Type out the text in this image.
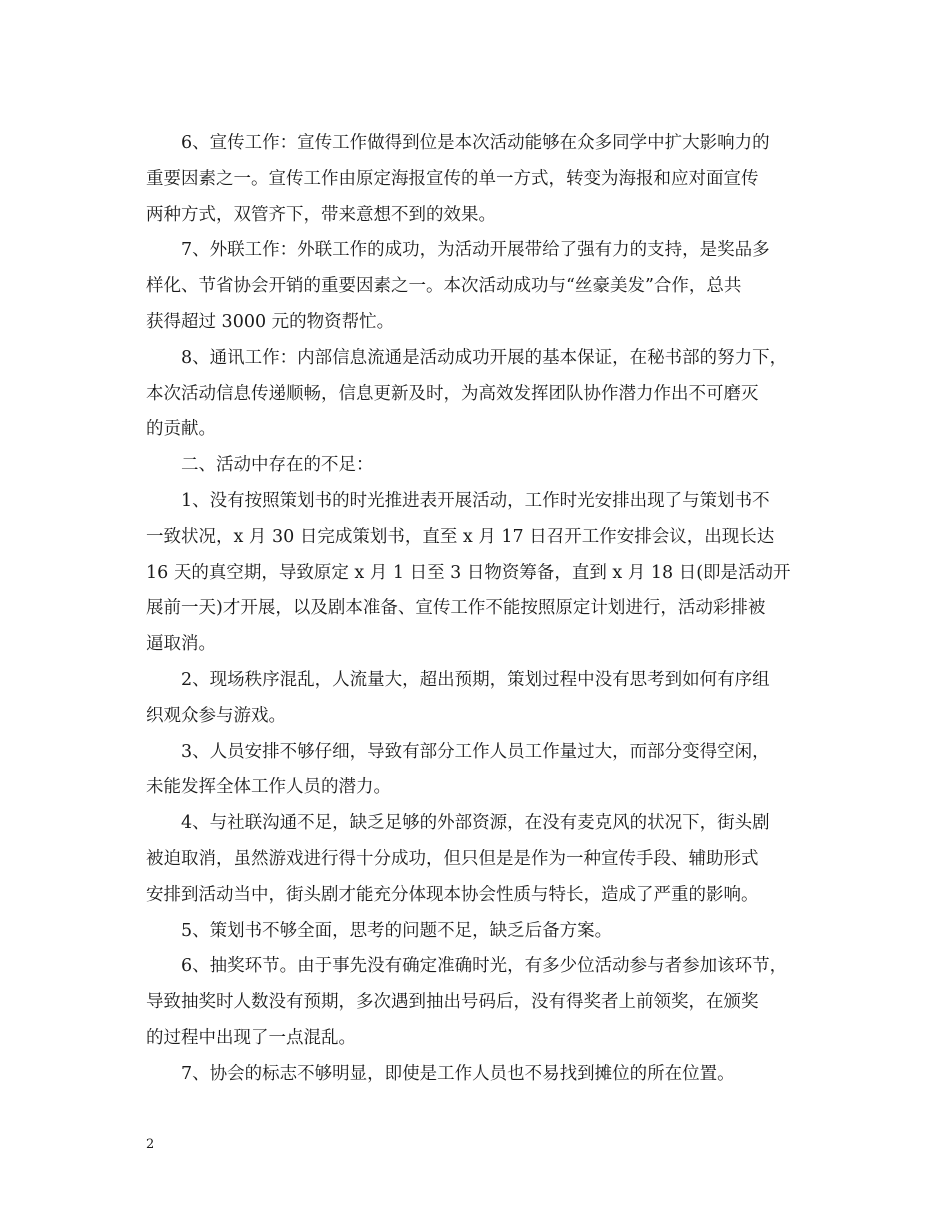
6、宣传工作：宣传工作做得到位是本次活动能够在众多同学中扩大影响力的
重要因素之一。宣传工作由原定海报宣传的单一方式，转变为海报和应对面宣传
两种方式，双管齐下，带来意想不到的效果。
7、外联工作：外联工作的成功，为活动开展带给了强有力的支持，是奖品多
样化、节省协会开销的重要因素之一。本次活动成功与“丝豪美发”合作，总共
获得超过 3000 元的物资帮忙。
8、通讯工作：内部信息流通是活动成功开展的基本保证，在秘书部的努力下，
本次活动信息传递顺畅，信息更新及时，为高效发挥团队协作潜力作出不可磨灭
的贡献。
二、活动中存在的不足：
1、没有按照策划书的时光推进表开展活动，工作时光安排出现了与策划书不
一致状况，x 月 30 日完成策划书，直至 x 月 17 日召开工作安排会议，出现长达
16 天的真空期，导致原定 x 月 1 日至 3 日物资筹备，直到 x 月 18 日(即是活动开
展前一天)才开展，以及剧本准备、宣传工作不能按照原定计划进行，活动彩排被
逼取消。
2、现场秩序混乱，人流量大，超出预期，策划过程中没有思考到如何有序组
织观众参与游戏。
3、人员安排不够仔细，导致有部分工作人员工作量过大，而部分变得空闲，
未能发挥全体工作人员的潜力。
4、与社联沟通不足，缺乏足够的外部资源，在没有麦克风的状况下，街头剧
被迫取消，虽然游戏进行得十分成功，但只但是是作为一种宣传手段、辅助形式
安排到活动当中，街头剧才能充分体现本协会性质与特长，造成了严重的影响。
5、策划书不够全面，思考的问题不足，缺乏后备方案。
6、抽奖环节。由于事先没有确定准确时光，有多少位活动参与者参加该环节，
导致抽奖时人数没有预期，多次遇到抽出号码后，没有得奖者上前领奖，在颁奖
的过程中出现了一点混乱。
7、协会的标志不够明显，即使是工作人员也不易找到摊位的所在位置。
2
